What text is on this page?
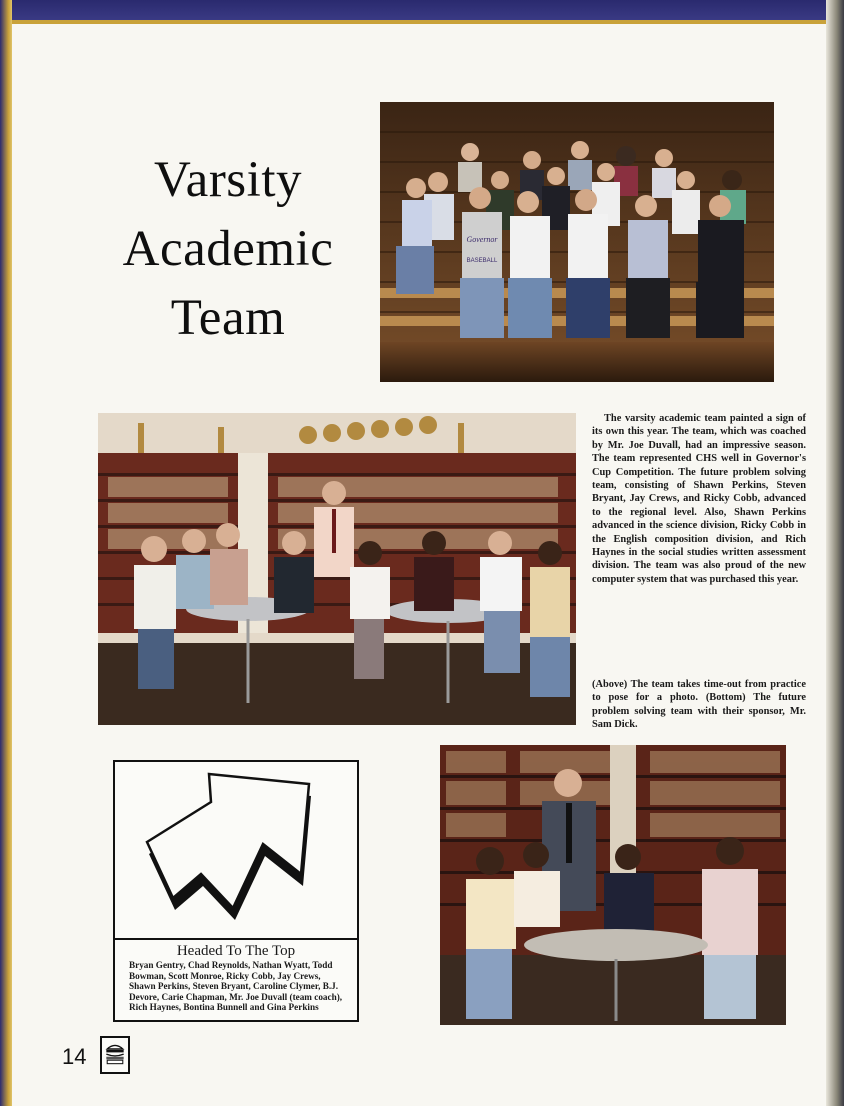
Varsity
Academic
Team
Governor
BASEBALL

The varsity academic team painted a sign of its own this year. The team, which was coached by Mr. Joe Duvall, had an impressive season. The team represented CHS well in Governor's Cup Competition. The future problem solving team, consisting of Shawn Perkins, Steven Bryant, Jay Crews, and Ricky Cobb, advanced to the regional level. Also, Shawn Perkins advanced in the science division, Ricky Cobb in the English composition division, and Rich Haynes in the social studies written assessment division. The team was also proud of the new computer system that was purchased this year.

(Above) The team takes time-out from practice to pose for a photo. (Bottom) The future problem solving team with their sponsor, Mr. Sam Dick.

Headed To The Top

Bryan Gentry, Chad Reynolds, Nathan Wyatt, Todd Bowman, Scott Monroe, Ricky Cobb, Jay Crews, Shawn Perkins, Steven Bryant, Caroline Clymer, B.J. Devore, Carie Chapman, Mr. Joe Duvall (team coach), Rich Haynes, Bontina Bunnell and Gina Perkins

14
